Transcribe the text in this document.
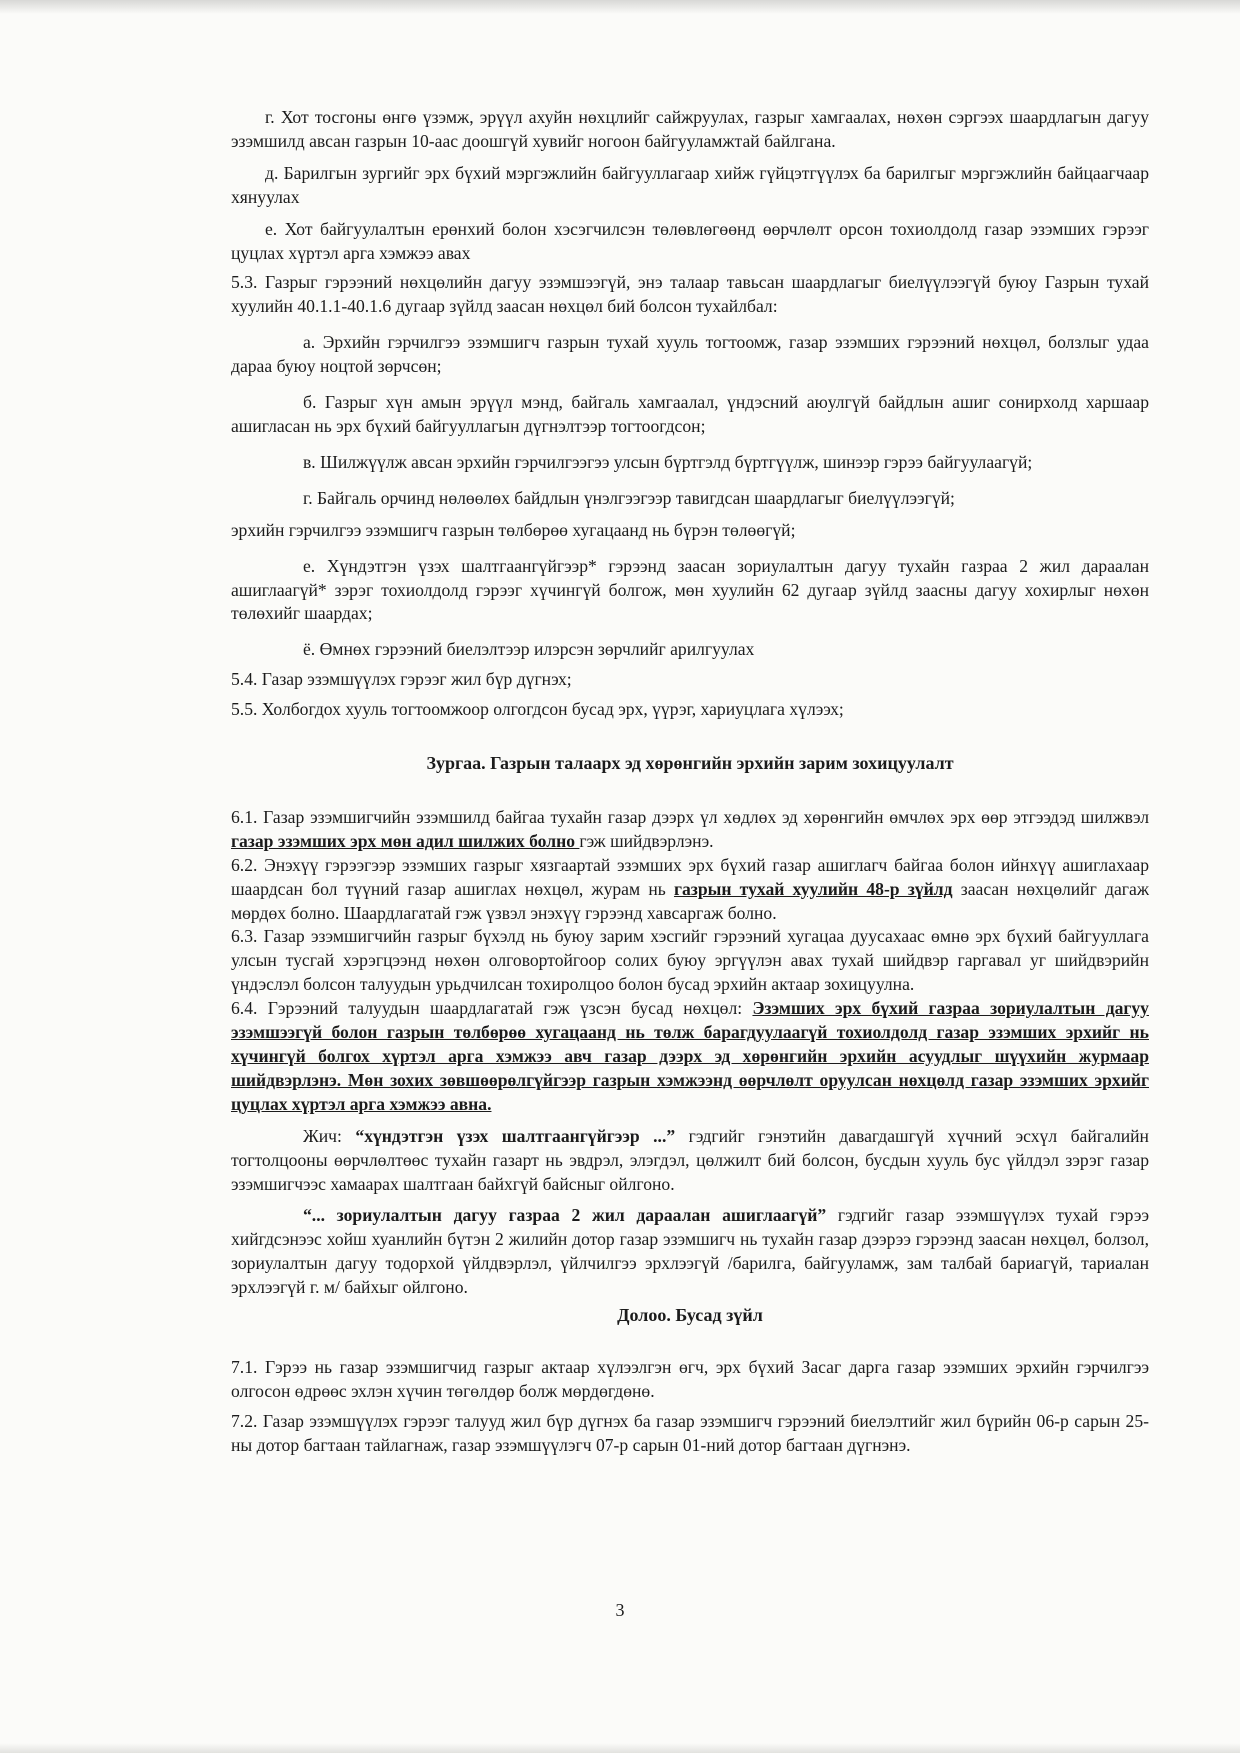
г. Хот тосгоны өнгө үзэмж, эрүүл ахуйн нөхцлийг сайжруулах, газрыг хамгаалах, нөхөн сэргээх шаардлагын дагуу эзэмшилд авсан газрын 10-аас доошгүй хувийг ногоон байгууламжтай байлгана.

д. Барилгын зургийг эрх бүхий мэргэжлийн байгууллагаар хийж гүйцэтгүүлэх ба барилгыг мэргэжлийн байцаагчаар хянуулах

е. Хот байгуулалтын ерөнхий болон хэсэгчилсэн төлөвлөгөөнд өөрчлөлт орсон тохиолдолд газар эзэмших гэрээг цуцлах хүртэл арга хэмжээ авах

5.3. Газрыг гэрээний нөхцөлийн дагуу эзэмшээгүй, энэ талаар тавьсан шаардлагыг биелүүлээгүй буюу Газрын тухай хуулийн 40.1.1-40.1.6 дугаар зүйлд заасан нөхцөл бий болсон тухайлбал:

а. Эрхийн гэрчилгээ эзэмшигч газрын тухай хууль тогтоомж, газар эзэмших гэрээний нөхцөл, болзлыг удаа дараа буюу ноцтой зөрчсөн;

б. Газрыг хүн амын эрүүл мэнд, байгаль хамгаалал, үндэсний аюулгүй байдлын ашиг сонирхолд харшаар ашигласан нь эрх бүхий байгууллагын дүгнэлтээр тогтоогдсон;

в. Шилжүүлж авсан эрхийн гэрчилгээгээ улсын бүртгэлд бүртгүүлж, шинээр гэрээ байгуулаагүй;

г. Байгаль орчинд нөлөөлөх байдлын үнэлгээгээр тавигдсан шаардлагыг биелүүлээгүй;

эрхийн гэрчилгээ эзэмшигч газрын төлбөрөө хугацаанд нь бүрэн төлөөгүй;

е. Хүндэтгэн үзэх шалтгаангүйгээр* гэрээнд заасан зориулалтын дагуу тухайн газраа 2 жил дараалан ашиглаагүй* зэрэг тохиолдолд гэрээг хүчингүй болгож, мөн хуулийн 62 дугаар зүйлд заасны дагуу хохирлыг нөхөн төлөхийг шаардах;

ё. Өмнөх гэрээний биелэлтээр илэрсэн зөрчлийг арилгуулах

5.4. Газар эзэмшүүлэх гэрээг жил бүр дүгнэх;

5.5. Холбогдох хууль тогтоомжоор олгогдсон бусад эрх, үүрэг, хариуцлага хүлээх;

Зургаа. Газрын талаарх эд хөрөнгийн эрхийн зарим зохицуулалт

6.1. Газар эзэмшигчийн эзэмшилд байгаа тухайн газар дээрх үл хөдлөх эд хөрөнгийн өмчлөх эрх өөр этгээдэд шилжвэл газар эзэмших эрх мөн адил шилжих болно гэж шийдвэрлэнэ.

6.2. Энэхүү гэрээгээр эзэмших газрыг хязгаартай эзэмших эрх бүхий газар ашиглагч байгаа болон ийнхүү ашиглахаар шаардсан бол түүний газар ашиглах нөхцөл, журам нь газрын тухай хуулийн 48-р зүйлд заасан нөхцөлийг дагаж мөрдөх болно. Шаардлагатай гэж үзвэл энэхүү гэрээнд хавсаргаж болно.

6.3. Газар эзэмшигчийн газрыг бүхэлд нь буюу зарим хэсгийг гэрээний хугацаа дуусахаас өмнө эрх бүхий байгууллага улсын тусгай хэрэгцээнд нөхөн олговортойгоор солих буюу эргүүлэн авах тухай шийдвэр гаргавал уг шийдвэрийн үндэслэл болсон талуудын урьдчилсан тохиролцоо болон бусад эрхийн актаар зохицуулна.

6.4. Гэрээний талуудын шаардлагатай гэж үзсэн бусад нөхцөл: Эзэмших эрх бүхий газраа зориулалтын дагуу эзэмшээгүй болон газрын төлбөрөө хугацаанд нь төлж барагдуулаагүй тохиолдолд газар эзэмших эрхийг нь хүчингүй болгох хүртэл арга хэмжээ авч газар дээрх эд хөрөнгийн эрхийн асуудлыг шүүхийн журмаар шийдвэрлэнэ. Мөн зохих зөвшөөрөлгүйгээр газрын хэмжээнд өөрчлөлт оруулсан нөхцөлд газар эзэмших эрхийг цуцлах хүртэл арга хэмжээ авна.

Жич: “хүндэтгэн үзэх шалтгаангүйгээр ...” гэдгийг гэнэтийн давагдашгүй хүчний эсхүл байгалийн тогтолцооны өөрчлөлтөөс тухайн газарт нь эвдрэл, элэгдэл, цөлжилт бий болсон, бусдын хууль бус үйлдэл зэрэг газар эзэмшигчээс хамаарах шалтгаан байхгүй байсныг ойлгоно.

“... зориулалтын дагуу газраа 2 жил дараалан ашиглаагүй” гэдгийг газар эзэмшүүлэх тухай гэрээ хийгдсэнээс хойш хуанлийн бүтэн 2 жилийн дотор газар эзэмшигч нь тухайн газар дээрээ гэрээнд заасан нөхцөл, болзол, зориулалтын дагуу тодорхой үйлдвэрлэл, үйлчилгээ эрхлээгүй /барилга, байгууламж, зам талбай бариагүй, тариалан эрхлээгүй г. м/ байхыг ойлгоно.

Долоо. Бусад зүйл

7.1. Гэрээ нь газар эзэмшигчид газрыг актаар хүлээлгэн өгч, эрх бүхий Засаг дарга газар эзэмших эрхийн гэрчилгээ олгосон өдрөөс эхлэн хүчин төгөлдөр болж мөрдөгдөнө.

7.2. Газар эзэмшүүлэх гэрээг талууд жил бүр дүгнэх ба газар эзэмшигч гэрээний биелэлтийг жил бүрийн 06-р сарын 25-ны дотор багтаан тайлагнаж, газар эзэмшүүлэгч 07-р сарын 01-ний дотор багтаан дүгнэнэ.

3
